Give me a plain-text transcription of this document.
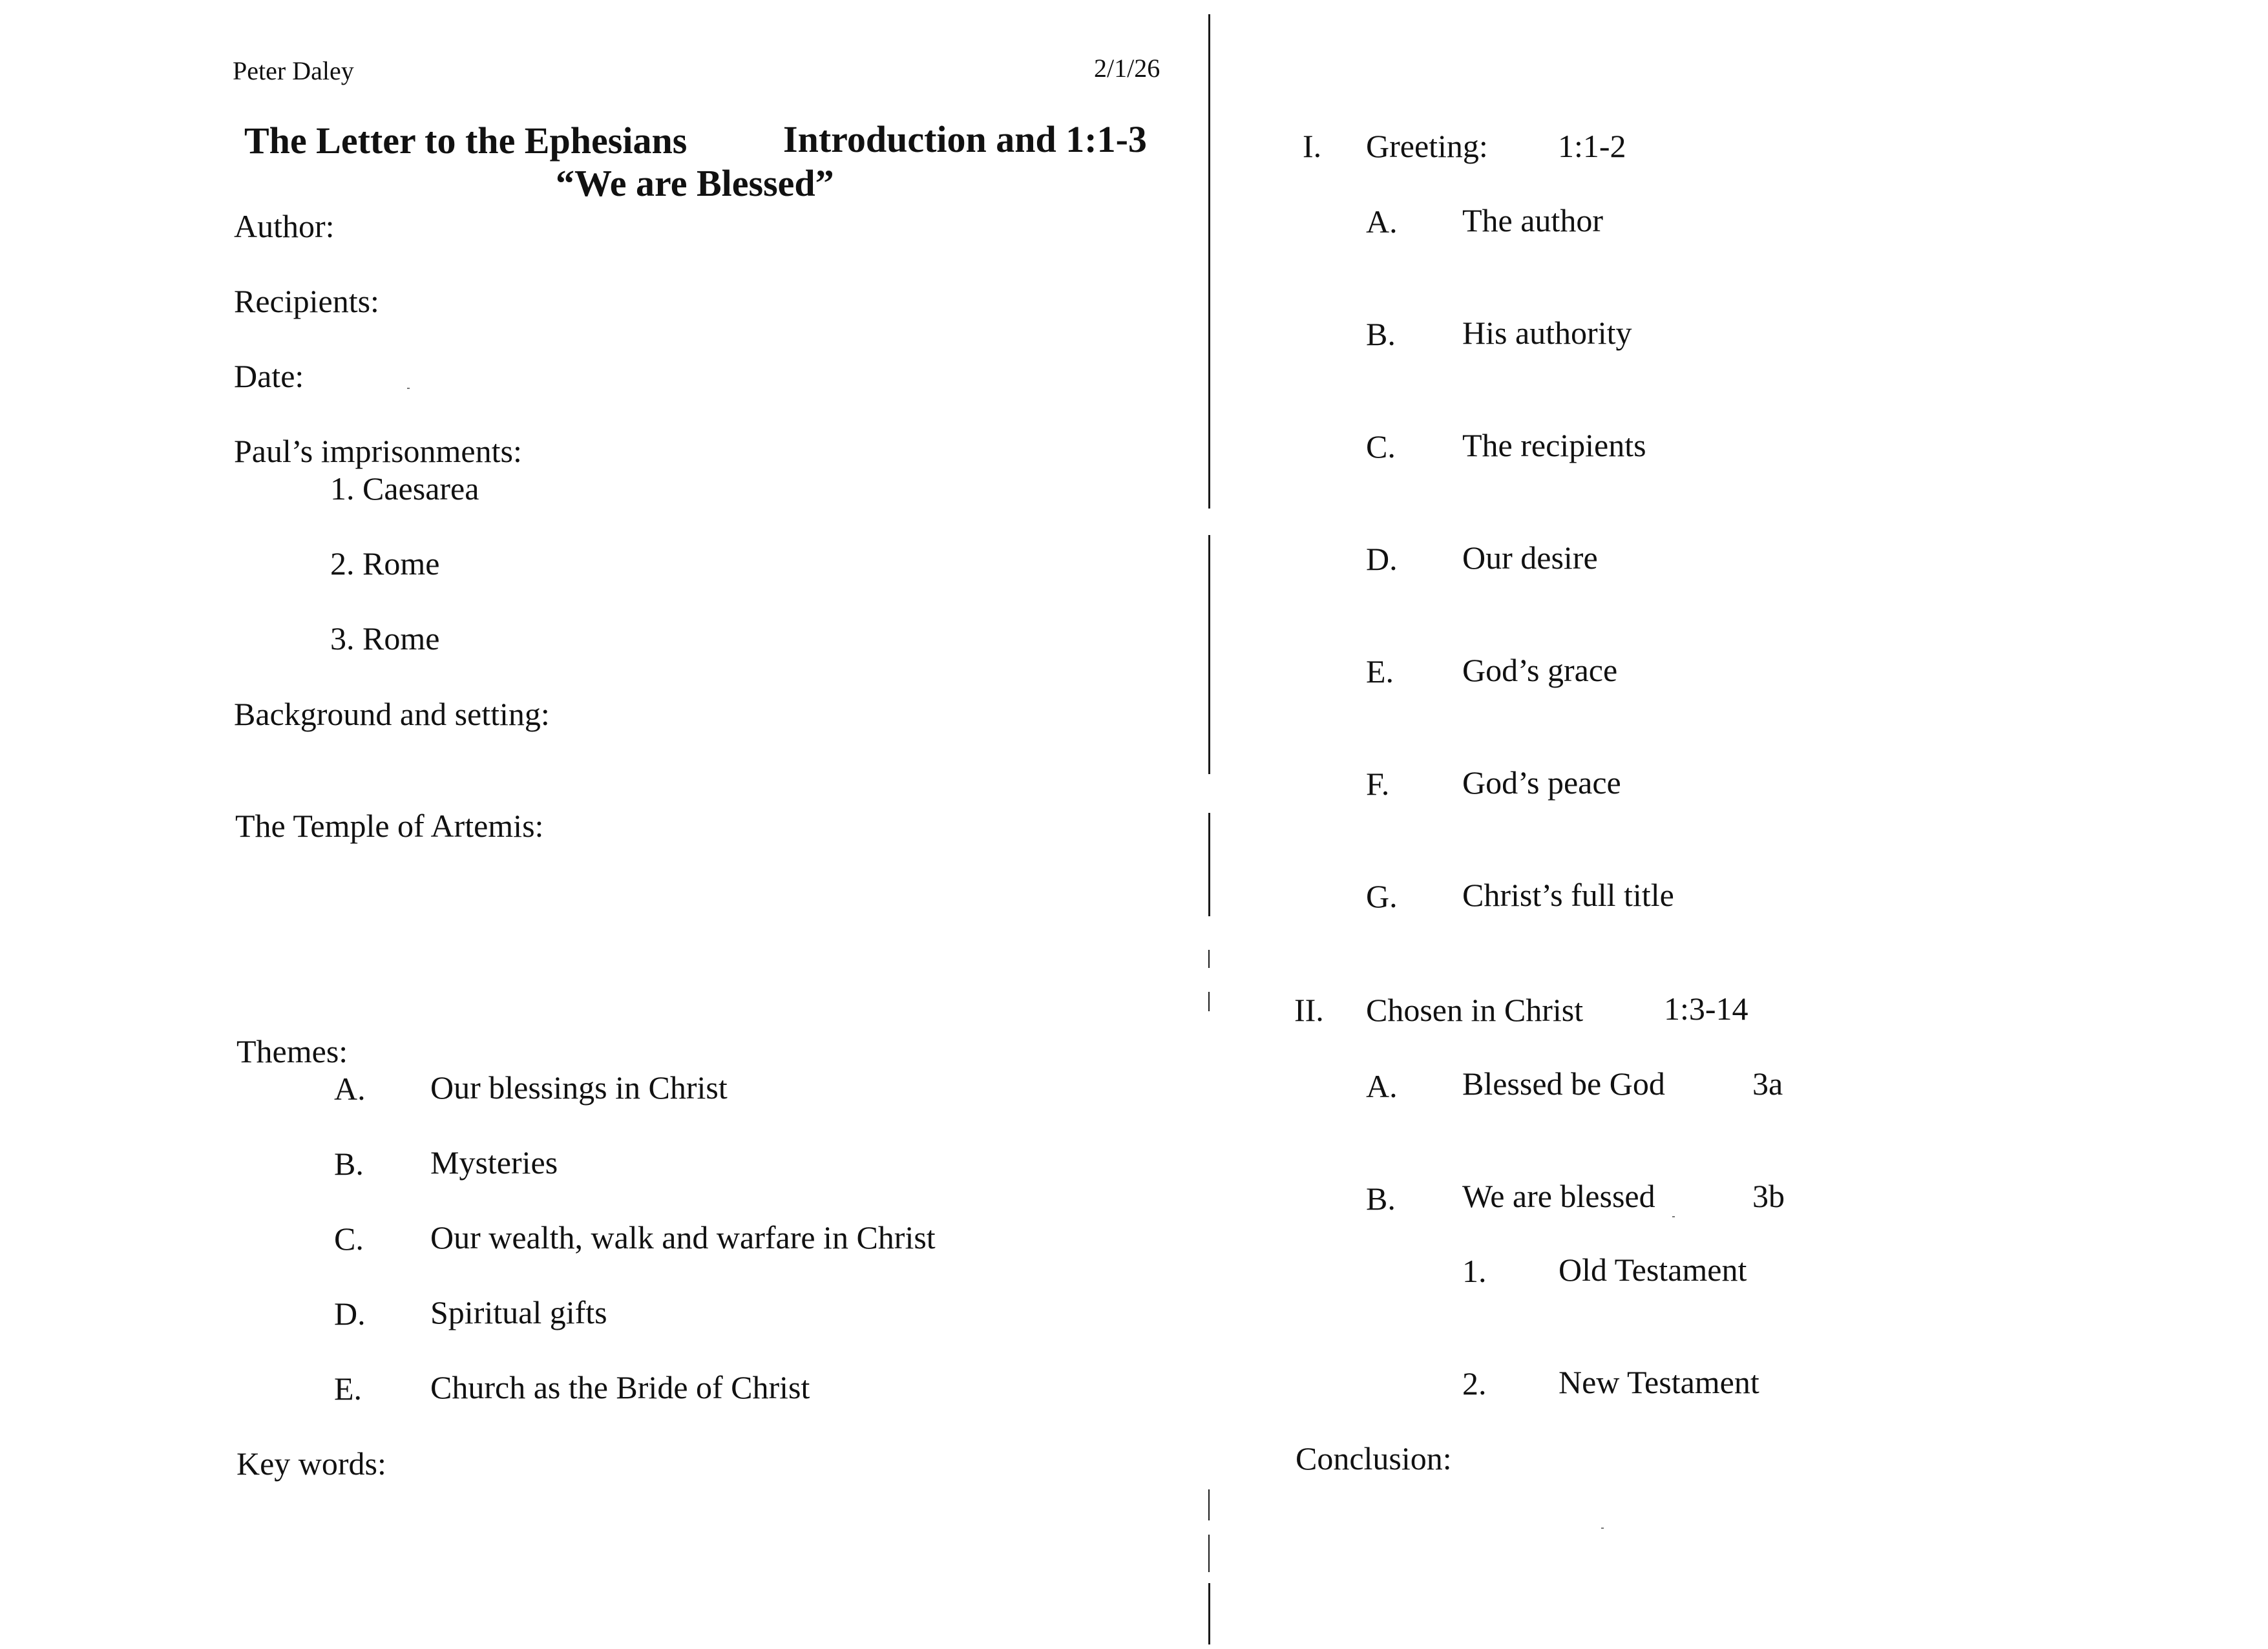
Peter Daley	2/1/26
The Letter to the Ephesians	Introduction and 1:1-3
“We are Blessed”
Author:
Recipients:
Date:
Paul’s imprisonments:
1. Caesarea
2. Rome
3. Rome
Background and setting:
The Temple of Artemis:
Themes:
A. Our blessings in Christ
B. Mysteries
C. Our wealth, walk and warfare in Christ
D. Spiritual gifts
E. Church as the Bride of Christ
Key words:
I. Greeting: 1:1-2
A. The author
B. His authority
C. The recipients
D. Our desire
E. God’s grace
F. God’s peace
G. Christ’s full title
II. Chosen in Christ 1:3-14
A. Blessed be God	3a
B. We are blessed	3b
1. Old Testament
2. New Testament
Conclusion:
